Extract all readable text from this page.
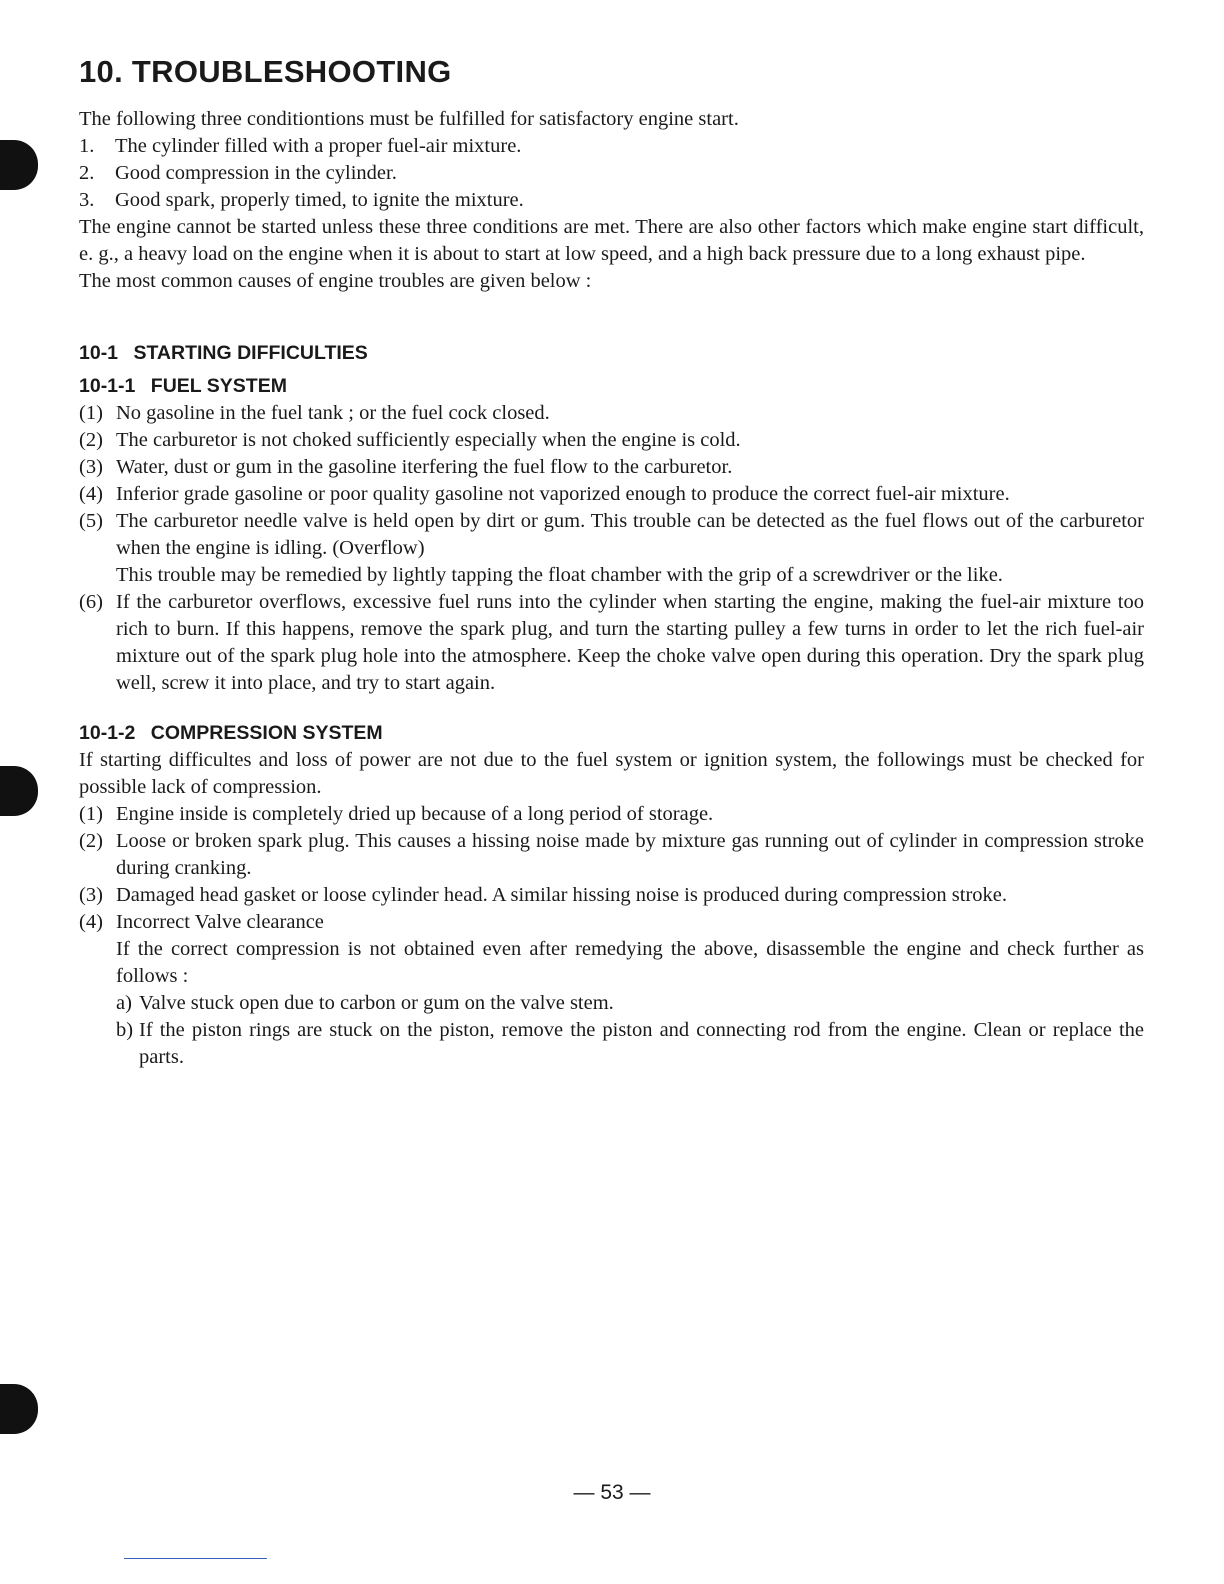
10. TROUBLESHOOTING

The following three conditiontions must be fulfilled for satisfactory engine start.

1.	The cylinder filled with a proper fuel-air mixture.
2.	Good compression in the cylinder.
3.	Good spark, properly timed, to ignite the mixture.

The engine cannot be started unless these three conditions are met. There are also other factors which make engine start difficult, e. g., a heavy load on the engine when it is about to start at low speed, and a high back pressure due to a long exhaust pipe.

The most common causes of engine troubles are given below :

10-1 STARTING DIFFICULTIES
10-1-1 FUEL SYSTEM
(1) No gasoline in the fuel tank ; or the fuel cock closed.
(2) The carburetor is not choked sufficiently especially when the engine is cold.
(3) Water, dust or gum in the gasoline iterfering the fuel flow to the carburetor.
(4) Inferior grade gasoline or poor quality gasoline not vaporized enough to produce the correct fuel-air mixture.
(5) The carburetor needle valve is held open by dirt or gum. This trouble can be detected as the fuel flows out of the carburetor when the engine is idling. (Overflow)
This trouble may be remedied by lightly tapping the float chamber with the grip of a screwdriver or the like.
(6) If the carburetor overflows, excessive fuel runs into the cylinder when starting the engine, making the fuel-air mixture too rich to burn. If this happens, remove the spark plug, and turn the starting pulley a few turns in order to let the rich fuel-air mixture out of the spark plug hole into the atmosphere. Keep the choke valve open during this operation. Dry the spark plug well, screw it into place, and try to start again.
10-1-2 COMPRESSION SYSTEM

If starting difficultes and loss of power are not due to the fuel system or ignition system, the followings must be checked for possible lack of compression.

(1) Engine inside is completely dried up because of a long period of storage.
(2) Loose or broken spark plug. This causes a hissing noise made by mixture gas running out of cylinder in compression stroke during cranking.
(3) Damaged head gasket or loose cylinder head. A similar hissing noise is produced during compression stroke.
(4) Incorrect Valve clearance
If the correct compression is not obtained even after remedying the above, disassemble the engine and check further as follows :
a) Valve stuck open due to carbon or gum on the valve stem.
b) If the piston rings are stuck on the piston, remove the piston and connecting rod from the engine. Clean or replace the parts.
— 53 —
